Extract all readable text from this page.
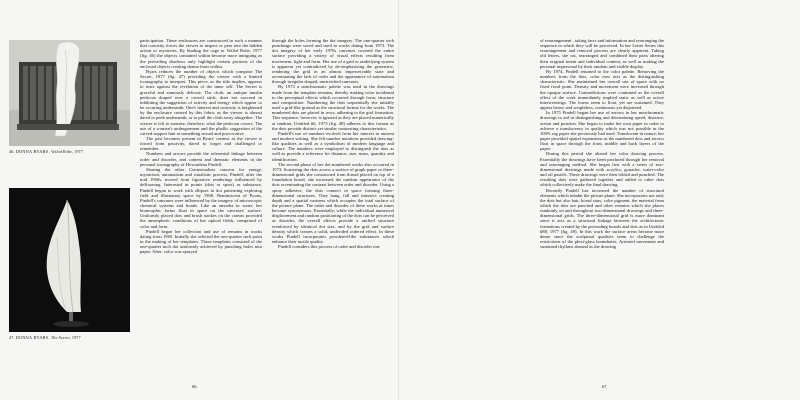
46. DONNA BYARS. Veiled Robe, 1977
47. DONNA BYARS. The Secret, 1977

participation. These enclosures are constructed in such a manner that curiosity forces the viewer to inspect or peer into the hidden action or mysteries. By binding the cage in Veiled Robe, 1977 (fig. 46) the objects contained within become more intriguing as the prevailing shadows only highlight certain portions of the enclosed objects creating drama from within.

Byars reduces the number of objects which comprise The Secret, 1977 (fig. 47) providing the viewer with a limited iconography to interpret. This piece, as the title implies, appears to react against the revelation of the inner self. The Secret is graceful and sinuously delicate. The cloth, an antique muslin petticoat draped over a carved stick, does not succeed in inhibiting the suggestion of activity and energy which appear to be occuring underneath. One's interest and curiosity is heightened by the enclosure created by this fabric as the viewer is almost dared to peek underneath, or to pull the cloth away altogether. The viewer is left to surmise, therefore, what the petticoat covers. The use of a woman's undergarment and the phallic suggestion of the carved support hint at something sexual and provocative.

The past becomes present in Byars' context as the viewer is forced from passivity, dared to forget and challenged to remember.

Numbers and arrows provide the referential linkage between order and disorder, and content and thematic elements in the personal iconography of Howardena Pindell.

Sharing the other Contextualists concern for energy, mysticism, automatism and ritualistic process, Pindell, after the mid 1960s, moved from figurative renderings influenced by deKooning. Interested in points (dots or spots) as substance, Pindell began to work with ellipses in dot patterning exploring field and illusionary space by 1968. Reminiscent of Poons, Pindell's canvases were influenced by the imagery of microscopic chemical systems and bonds. Like an amoeba in water, her biomorphic forms float in space on the canvases' surface. Uniformly placed dots and brush strokes on the canvas provided the atmospheric conditions of her optical fields, comprised of color and form.

Pindell began her collection and use of remains in works dating from 1969. Initially she selected the one-quarter inch point in the making of her templates. These templates consisted of the one-quarter inch dot uniformly achieved by punching holes into paper. After, color was sprayed

66

of rearrangement , taking facts and information and rearranging the sequence in which they will be perceived. In her Letter Series this rearrangement and removal process are clearly apparent. Taking old letters, she cut, rearranged and combined their parts altering their original intent and individual content, as well as making the personal impersonal by their random and visible display.

By 1974, Pindell returned to the color palette. Removing the numbers from the dots, color now acts as the distinguishing characteristic. She maintained her overall use of space with no fixed focal point. Density and movement were increased through the opaque surface. Contradictions were continued as the overall effect of the work immediately implied static as well as active interweavings. The forms seem to float, yet are sustained. They appear heavy and weightless, continuous yet disjointed.

In 1975 Pindell began her use of arrows in her nonchromatic drawings to aid in distinguishing and determining speed, distance, action and position. She began to make her own paper in order to achieve a translucency in quality which was not possible in the 100% rag paper she previously had used. Translucent in nature, her paper provided spatial expansions as the numbered dots and arrows float in space through the front, middle and back layers of the paper.

During this period she altered her color drawing process. Essentially the drawings have been produced through her removal and rearranging method. She began first with a series of two-dimensional drawings made with acrylics, gouache, water-color and oil pastels. These drawings were then folded and punched. The resulting dots were gathered together and added to other dots which collectively make the final drawing.

Recently Pindell has increased the number of structural elements which inhabit the picture plane. She incorporates not only the dots but also hair, board stars, color pigment, the material from which the dots are punched and other remains which she places randomly on and throughout two-dimensional drawings and three-dimensional grids. The three-dimensional grid is more dominant since it acts as a structural linkage between the architectonic formations created by the protruding boards and dots as in Untitled #88, 1977 (fig. 49). In this work the surface areas become more dense since the sculptural qualities seem to challenge the restrictions of the plexi-glass boundaries. Arrested movement and sustained rhythms abound as the drawing

67

through the holes forming the dot imagery. The one-quarter inch punchings were saved and used in works dating from 1973. The dot imagery of her early 1970s canvases covered the entire surface providing a variety of visual effects resulting from movement, light and form. Her use of a grid or underlying system is apparent yet contradicted by de-emphasizing the geometric, rendering the grid in an almost imperceivable state and accentuating the lack of order and the appearance of automatism through irregular shaped, unstretched canvases.

By 1973 a nonchromatic palette was used in the drawings made from the template remains, thereby making color incidental to the perceptual effects which occurred through form, structure and composition. Numbering the dots sequentially she initially used a grid-like ground as the structural format for the works. The numbered dots are placed in rows, adhering to the grid formation. This sequence, however, is ignored as they are placed numerically at random. Untitled #6, 1973 (fig. 48) adheres to this format as the dots provide distinct yet similar contrasting characteristics.

Pindell's use of numbers evolved from her interest in ancient and modern writing. She felt number notations provided drawing-like qualities as well as a symbolism of modern language and culture. The numbers were employed to distinguish the dots as well as provide a reference for distance, size, mass, quantity and identification.

The second phase of her dot-numbered works also occurred in 1973. Scattering the dots across a surface of graph paper or three-dimensional grids she constructed from thread placed on top of a foundation board, she increased the random appearance of the dots accentuating the contrast between order and disorder. Using a spray adhesive, the dots connect in space forming three-dimensional structures. They hang, fall and intersect creating depth and a spatial vastness which occupies the total surface of the picture plane. The order and disorder of these works at times become synonymous. Essentially, while the individual numerical displacement and random positioning of the dots can be perceived as disorder, the overall effects provide a unified structure reenforced by identical dot size, and by the grid and surface density which creates a solid, undivided ordered effect. In these works Pindell incorporates powdered-like substances which enhance their tactile quality.

Pindell considers this process of order and disorder one
